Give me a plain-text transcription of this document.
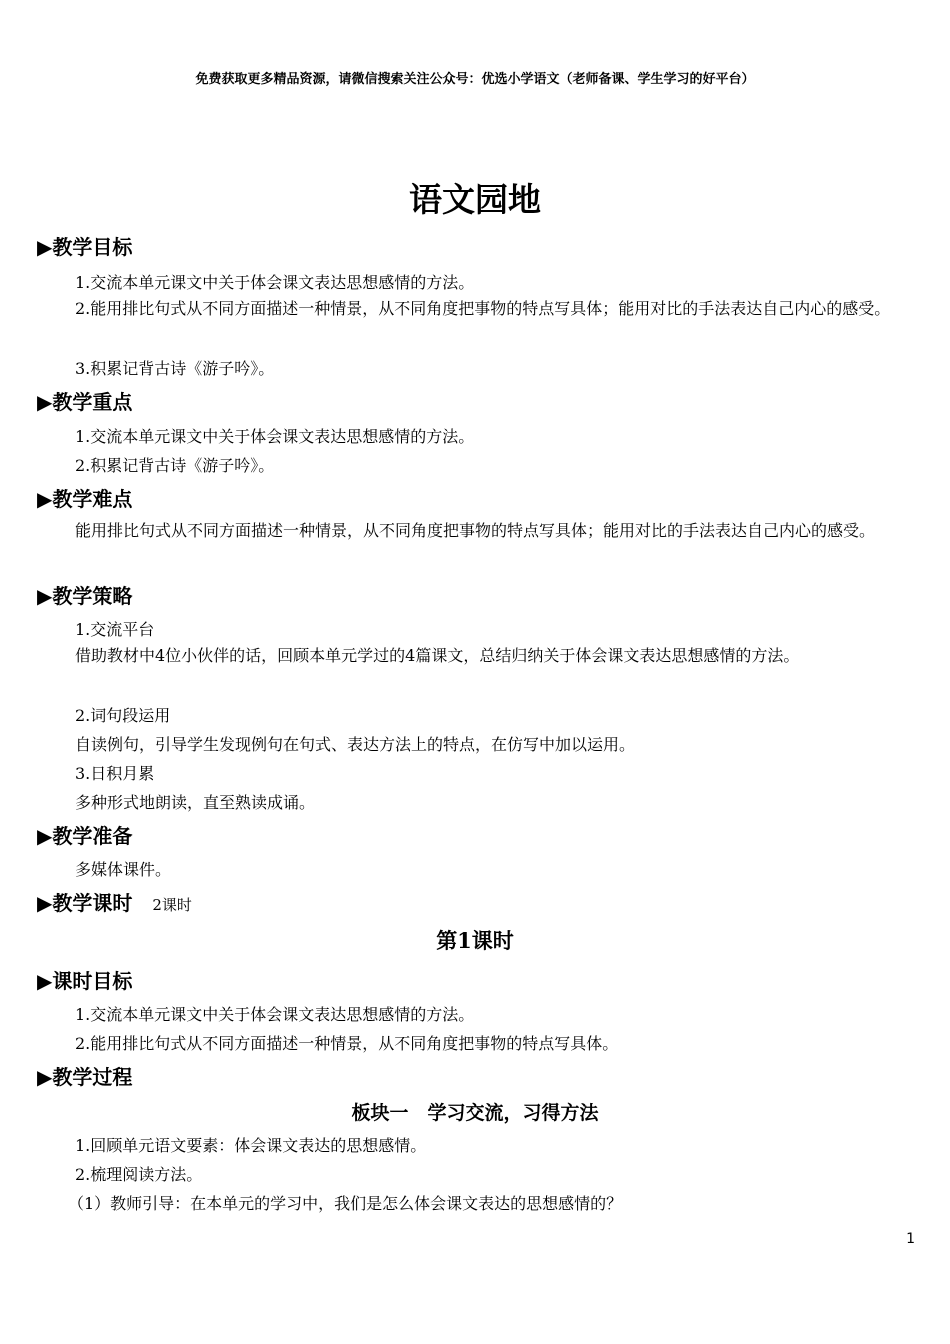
免费获取更多精品资源，请微信搜索关注公众号：优选小学语文（老师备课、学生学习的好平台）
语文园地
▶教学目标
1.交流本单元课文中关于体会课文表达思想感情的方法。
2.能用排比句式从不同方面描述一种情景，从不同角度把事物的特点写具体；能用对比的手法表达自己内心的感受。
3.积累记背古诗《游子吟》。
▶教学重点
1.交流本单元课文中关于体会课文表达思想感情的方法。
2.积累记背古诗《游子吟》。
▶教学难点
能用排比句式从不同方面描述一种情景，从不同角度把事物的特点写具体；能用对比的手法表达自己内心的感受。
▶教学策略
1.交流平台
借助教材中4位小伙伴的话，回顾本单元学过的4篇课文，总结归纳关于体会课文表达思想感情的方法。
2.词句段运用
自读例句，引导学生发现例句在句式、表达方法上的特点，在仿写中加以运用。
3.日积月累
多种形式地朗读，直至熟读成诵。
▶教学准备
多媒体课件。
▶教学课时 2课时
第1课时
▶课时目标
1.交流本单元课文中关于体会课文表达思想感情的方法。
2.能用排比句式从不同方面描述一种情景，从不同角度把事物的特点写具体。
▶教学过程
板块一　学习交流，习得方法
1.回顾单元语文要素：体会课文表达的思想感情。
2.梳理阅读方法。
（1）教师引导：在本单元的学习中，我们是怎么体会课文表达的思想感情的？
1
